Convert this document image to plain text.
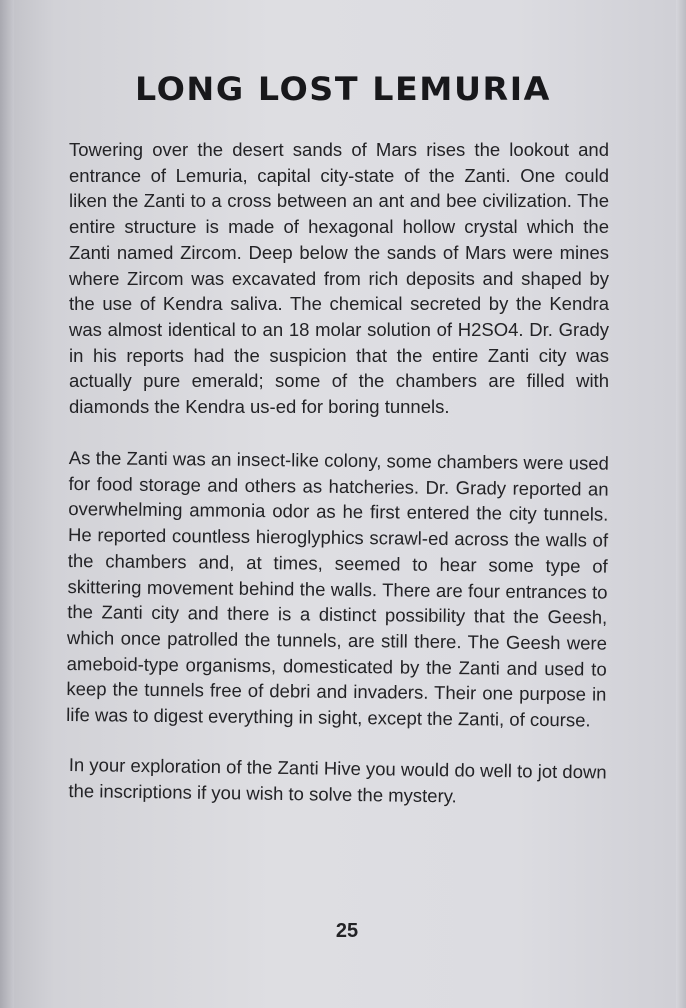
LONG LOST LEMURIA

Towering over the desert sands of Mars rises the lookout and entrance of Lemuria, capital city-state of the Zanti. One could liken the Zanti to a cross between an ant and bee civilization. The entire structure is made of hexagonal hollow crystal which the Zanti named Zircom. Deep below the sands of Mars were mines where Zircom was excavated from rich deposits and shaped by the use of Kendra saliva. The chemical secreted by the Kendra was almost identical to an 18 molar solution of H2SO4. Dr. Grady in his reports had the suspicion that the entire Zanti city was actually pure emerald; some of the chambers are filled with diamonds the Kendra us-ed for boring tunnels.

As the Zanti was an insect-like colony, some chambers were used for food storage and others as hatcheries. Dr. Grady reported an overwhelming ammonia odor as he first entered the city tunnels. He reported countless hieroglyphics scrawl-ed across the walls of the chambers and, at times, seemed to hear some type of skittering movement behind the walls. There are four entrances to the Zanti city and there is a distinct possibility that the Geesh, which once patrolled the tunnels, are still there. The Geesh were ameboid-type organisms, domesticated by the Zanti and used to keep the tunnels free of debri and invaders. Their one purpose in life was to digest everything in sight, except the Zanti, of course.

In your exploration of the Zanti Hive you would do well to jot down the inscriptions if you wish to solve the mystery.

25
